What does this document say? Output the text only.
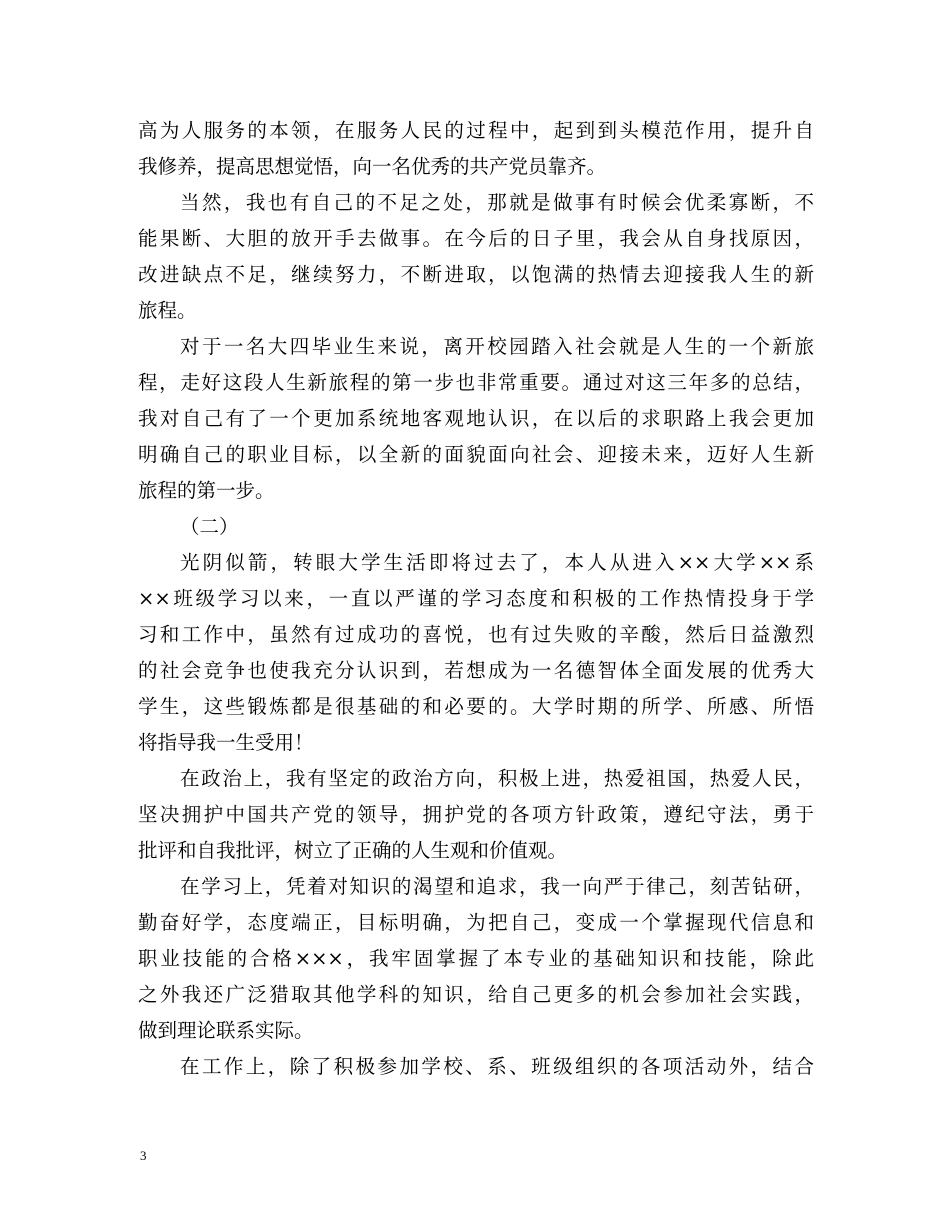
高为人服务的本领，在服务人民的过程中，起到到头模范作用，提升自
我修养，提高思想觉悟，向一名优秀的共产党员靠齐。
当然，我也有自己的不足之处，那就是做事有时候会优柔寡断，不
能果断、大胆的放开手去做事。在今后的日子里，我会从自身找原因，
改进缺点不足，继续努力，不断进取，以饱满的热情去迎接我人生的新
旅程。
对于一名大四毕业生来说，离开校园踏入社会就是人生的一个新旅
程，走好这段人生新旅程的第一步也非常重要。通过对这三年多的总结，
我对自己有了一个更加系统地客观地认识，在以后的求职路上我会更加
明确自己的职业目标，以全新的面貌面向社会、迎接未来，迈好人生新
旅程的第一步。
（二）
光阴似箭，转眼大学生活即将过去了，本人从进入××大学××系
××班级学习以来，一直以严谨的学习态度和积极的工作热情投身于学
习和工作中，虽然有过成功的喜悦，也有过失败的辛酸，然后日益激烈
的社会竞争也使我充分认识到，若想成为一名德智体全面发展的优秀大
学生，这些锻炼都是很基础的和必要的。大学时期的所学、所感、所悟
将指导我一生受用！
在政治上，我有坚定的政治方向，积极上进，热爱祖国，热爱人民，
坚决拥护中国共产党的领导，拥护党的各项方针政策，遵纪守法，勇于
批评和自我批评，树立了正确的人生观和价值观。
在学习上，凭着对知识的渴望和追求，我一向严于律己，刻苦钻研，
勤奋好学，态度端正，目标明确，为把自己，变成一个掌握现代信息和
职业技能的合格×××，我牢固掌握了本专业的基础知识和技能，除此
之外我还广泛猎取其他学科的知识，给自己更多的机会参加社会实践，
做到理论联系实际。
在工作上，除了积极参加学校、系、班级组织的各项活动外，结合
3
